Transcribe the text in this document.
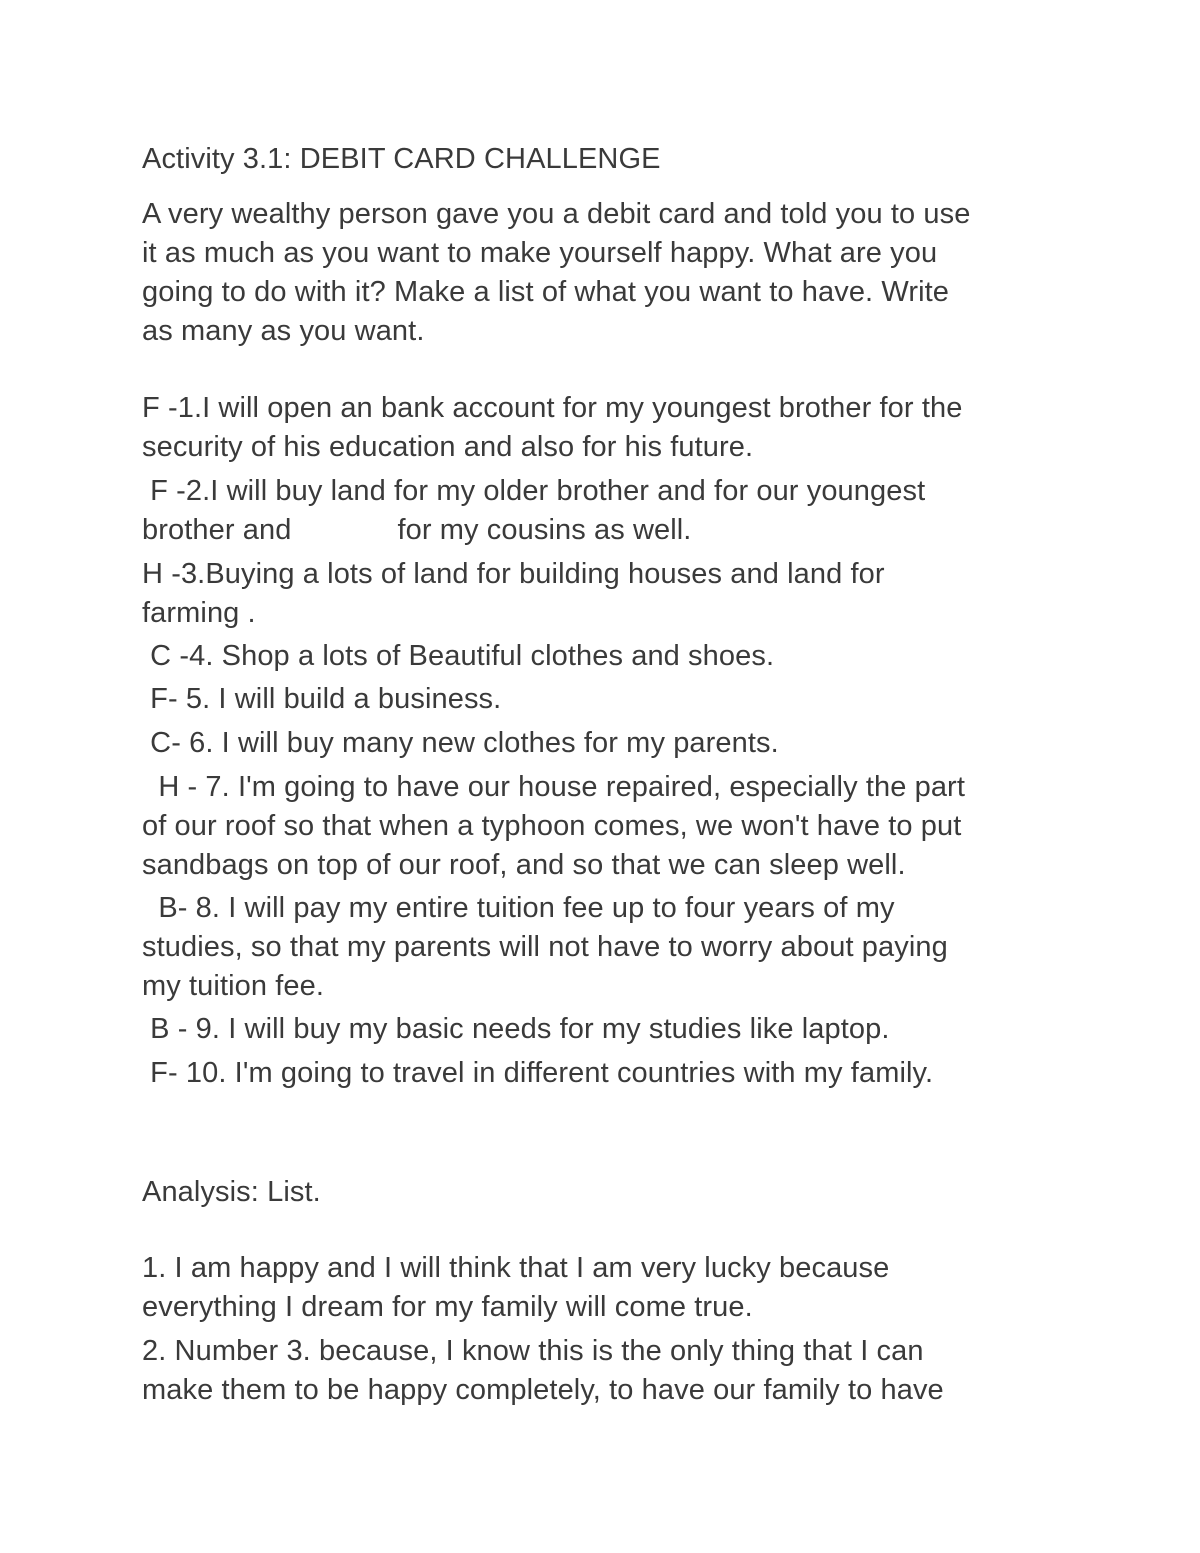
Activity 3.1: DEBIT CARD CHALLENGE
A very wealthy person gave you a debit card and told you to use
it as much as you want to make yourself happy. What are you
going to do with it? Make a list of what you want to have. Write
as many as you want.
F -1.I will open an bank account for my youngest brother for the
security of his education and also for his future.
F -2.I will buy land for my older brother and for our youngest
brother and             for my cousins as well.
H -3.Buying a lots of land for building houses and land for
farming .
C -4. Shop a lots of Beautiful clothes and shoes.
F- 5. I will build a business.
C- 6. I will buy many new clothes for my parents.
H - 7. I'm going to have our house repaired, especially the part
of our roof so that when a typhoon comes, we won't have to put
sandbags on top of our roof, and so that we can sleep well.
B- 8. I will pay my entire tuition fee up to four years of my
studies, so that my parents will not have to worry about paying
my tuition fee.
B - 9. I will buy my basic needs for my studies like laptop.
F- 10. I'm going to travel in different countries with my family.
Analysis: List.
1. I am happy and I will think that I am very lucky because
everything I dream for my family will come true.
2. Number 3. because, I know this is the only thing that I can
make them to be happy completely, to have our family to have
